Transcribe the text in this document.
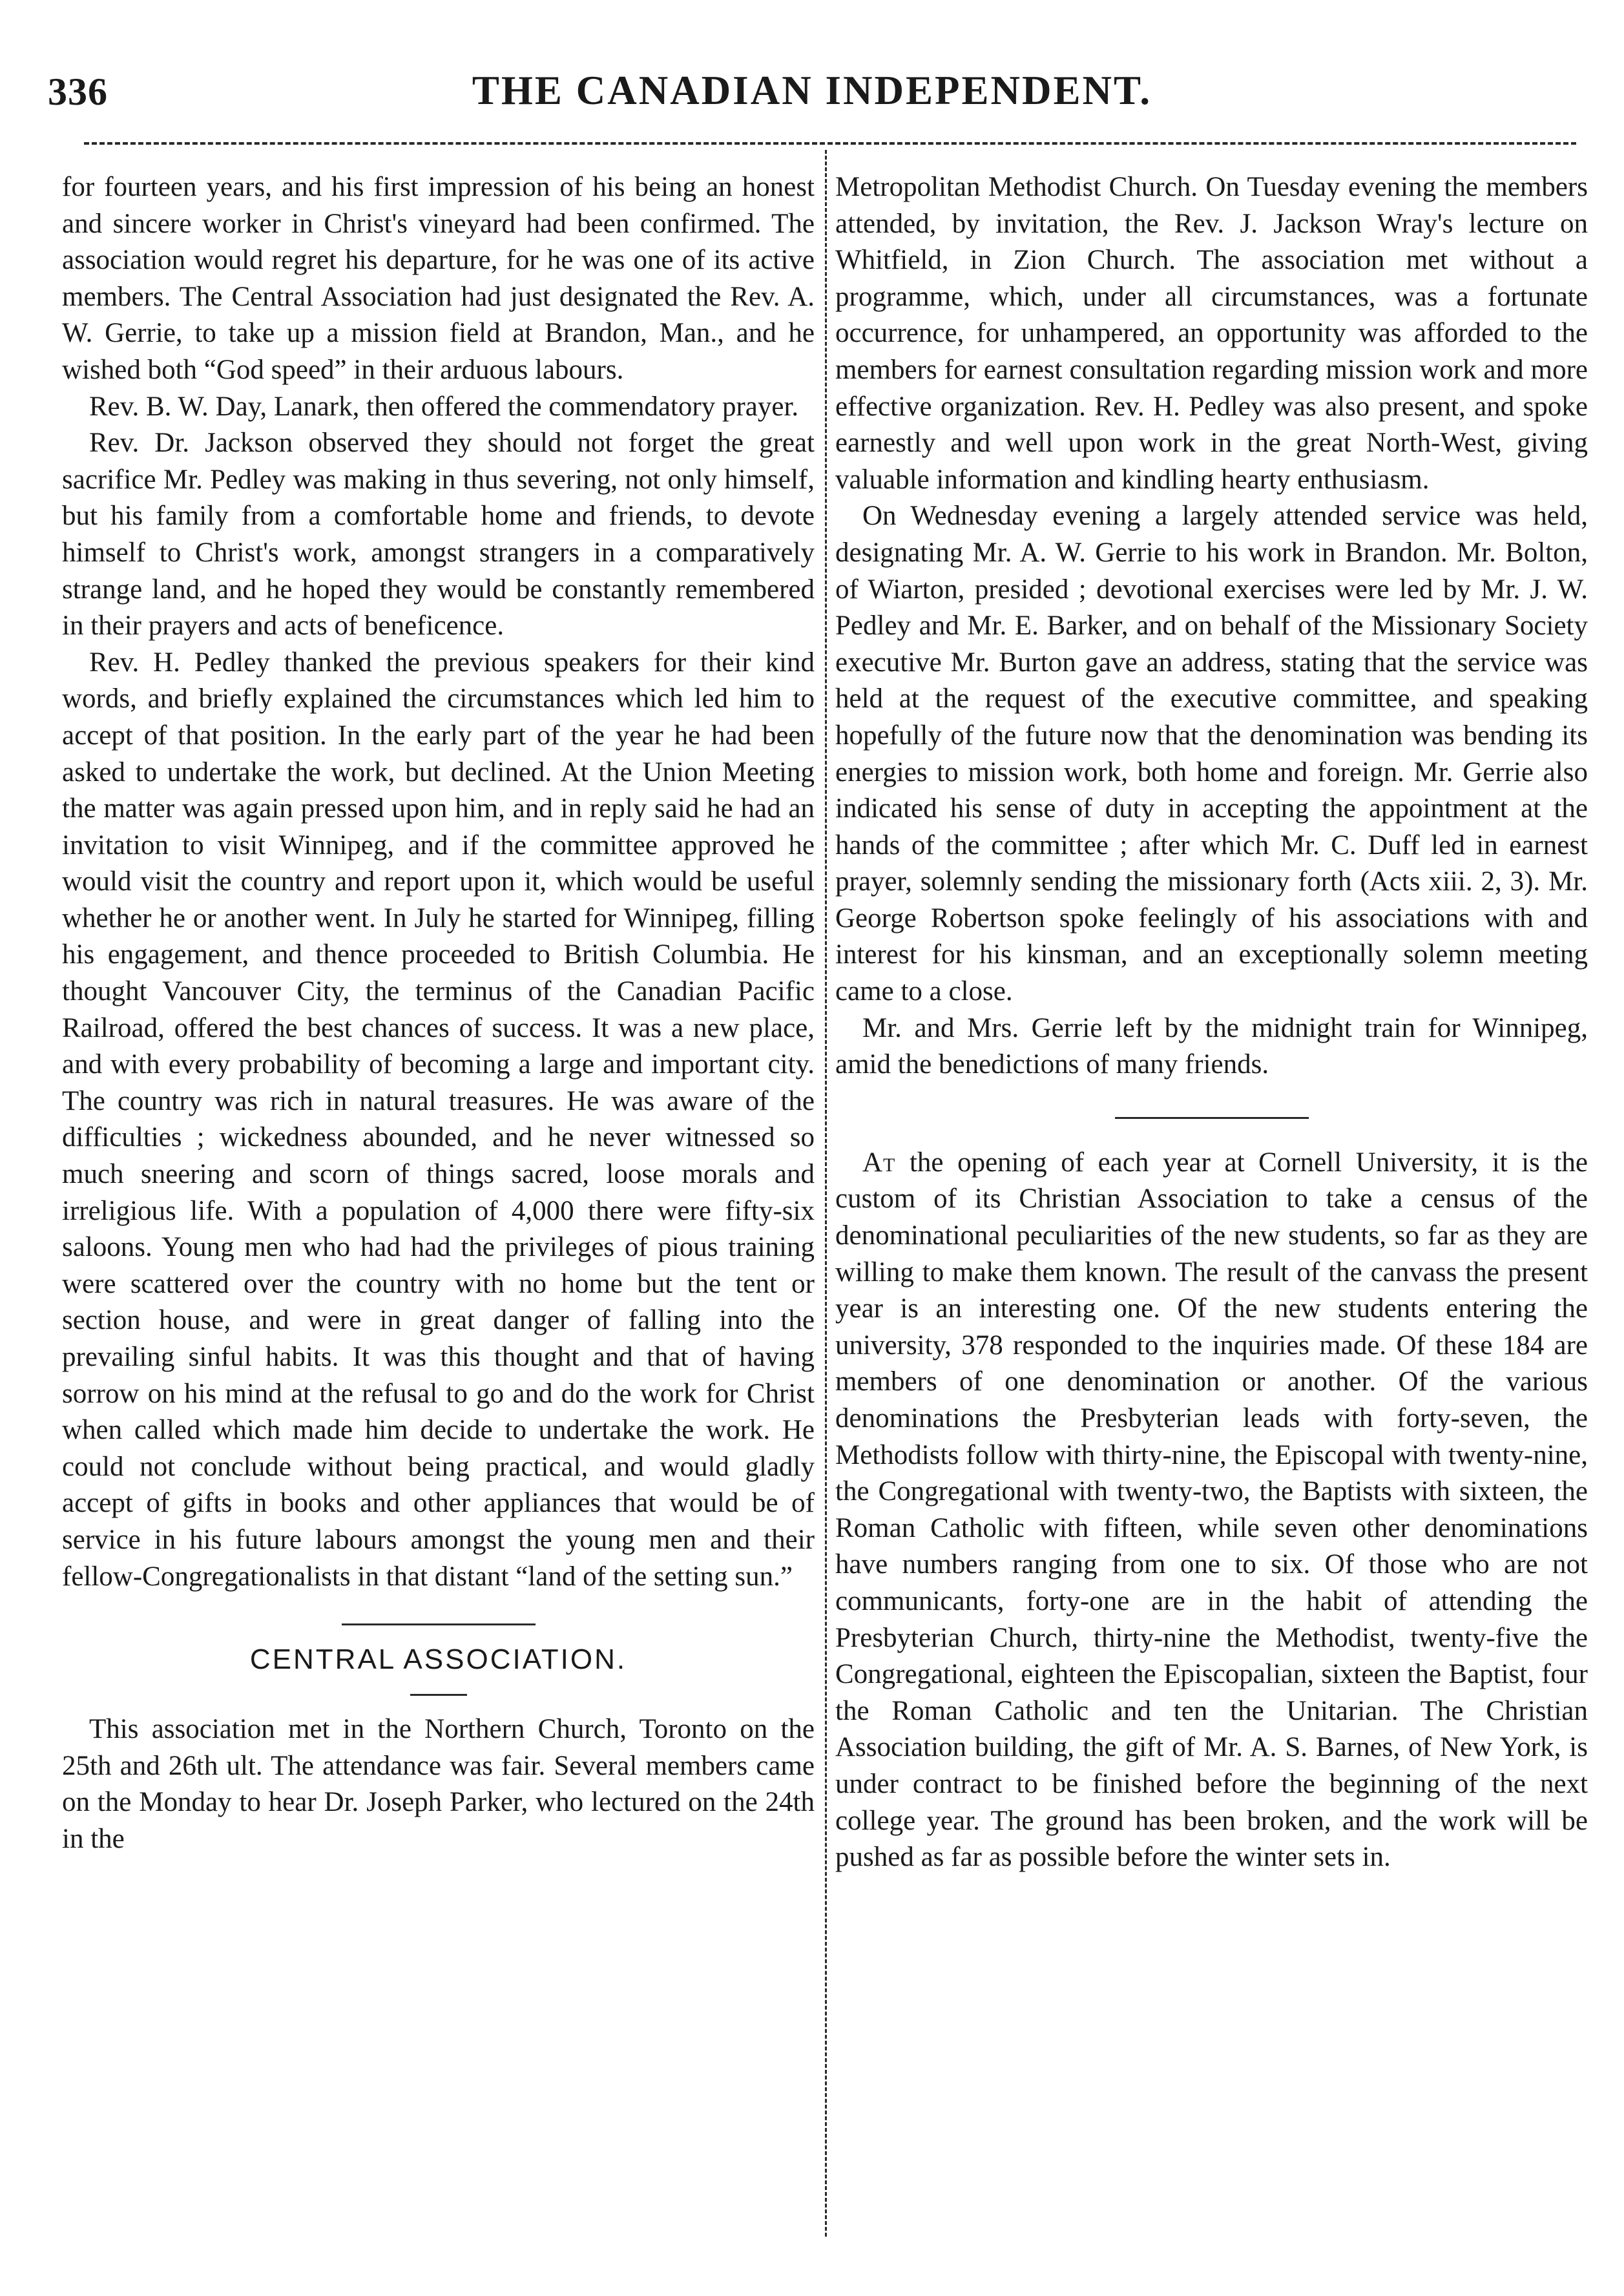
336	THE CANADIAN INDEPENDENT.

for fourteen years, and his first impression of his being an honest and sincere worker in Christ's vineyard had been confirmed. The association would regret his departure, for he was one of its active members. The Central Association had just designated the Rev. A. W. Gerrie, to take up a mission field at Brandon, Man., and he wished both “God speed” in their arduous labours.

Rev. B. W. Day, Lanark, then offered the commendatory prayer.

Rev. Dr. Jackson observed they should not forget the great sacrifice Mr. Pedley was making in thus severing, not only himself, but his family from a comfortable home and friends, to devote himself to Christ's work, amongst strangers in a comparatively strange land, and he hoped they would be constantly remembered in their prayers and acts of beneficence.

Rev. H. Pedley thanked the previous speakers for their kind words, and briefly explained the circumstances which led him to accept of that position. In the early part of the year he had been asked to undertake the work, but declined. At the Union Meeting the matter was again pressed upon him, and in reply said he had an invitation to visit Winnipeg, and if the committee approved he would visit the country and report upon it, which would be useful whether he or another went. In July he started for Winnipeg, filling his engagement, and thence proceeded to British Columbia. He thought Vancouver City, the terminus of the Canadian Pacific Railroad, offered the best chances of success. It was a new place, and with every probability of becoming a large and important city. The country was rich in natural treasures. He was aware of the difficulties ; wickedness abounded, and he never witnessed so much sneering and scorn of things sacred, loose morals and irreligious life. With a population of 4,000 there were fifty-six saloons. Young men who had had the privileges of pious training were scattered over the country with no home but the tent or section house, and were in great danger of falling into the prevailing sinful habits. It was this thought and that of having sorrow on his mind at the refusal to go and do the work for Christ when called which made him decide to undertake the work. He could not conclude without being practical, and would gladly accept of gifts in books and other appliances that would be of service in his future labours amongst the young men and their fellow-Congregationalists in that distant “land of the setting sun.”

CENTRAL ASSOCIATION.

This association met in the Northern Church, Toronto on the 25th and 26th ult. The attendance was fair. Several members came on the Monday to hear Dr. Joseph Parker, who lectured on the 24th in the

Metropolitan Methodist Church. On Tuesday evening the members attended, by invitation, the Rev. J. Jackson Wray's lecture on Whitfield, in Zion Church. The association met without a programme, which, under all circumstances, was a fortunate occurrence, for unhampered, an opportunity was afforded to the members for earnest consultation regarding mission work and more effective organization. Rev. H. Pedley was also present, and spoke earnestly and well upon work in the great North-West, giving valuable information and kindling hearty enthusiasm.

On Wednesday evening a largely attended service was held, designating Mr. A. W. Gerrie to his work in Brandon. Mr. Bolton, of Wiarton, presided ; devotional exercises were led by Mr. J. W. Pedley and Mr. E. Barker, and on behalf of the Missionary Society executive Mr. Burton gave an address, stating that the service was held at the request of the executive committee, and speaking hopefully of the future now that the denomination was bending its energies to mission work, both home and foreign. Mr. Gerrie also indicated his sense of duty in accepting the appointment at the hands of the committee ; after which Mr. C. Duff led in earnest prayer, solemnly sending the missionary forth (Acts xiii. 2, 3). Mr. George Robertson spoke feelingly of his associations with and interest for his kinsman, and an exceptionally solemn meeting came to a close.

Mr. and Mrs. Gerrie left by the midnight train for Winnipeg, amid the benedictions of many friends.

At the opening of each year at Cornell University, it is the custom of its Christian Association to take a census of the denominational peculiarities of the new students, so far as they are willing to make them known. The result of the canvass the present year is an interesting one. Of the new students entering the university, 378 responded to the inquiries made. Of these 184 are members of one denomination or another. Of the various denominations the Presbyterian leads with forty-seven, the Methodists follow with thirty-nine, the Episcopal with twenty-nine, the Congregational with twenty-two, the Baptists with sixteen, the Roman Catholic with fifteen, while seven other denominations have numbers ranging from one to six. Of those who are not communicants, forty-one are in the habit of attending the Presbyterian Church, thirty-nine the Methodist, twenty-five the Congregational, eighteen the Episcopalian, sixteen the Baptist, four the Roman Catholic and ten the Unitarian. The Christian Association building, the gift of Mr. A. S. Barnes, of New York, is under contract to be finished before the beginning of the next college year. The ground has been broken, and the work will be pushed as far as possible before the winter sets in.
